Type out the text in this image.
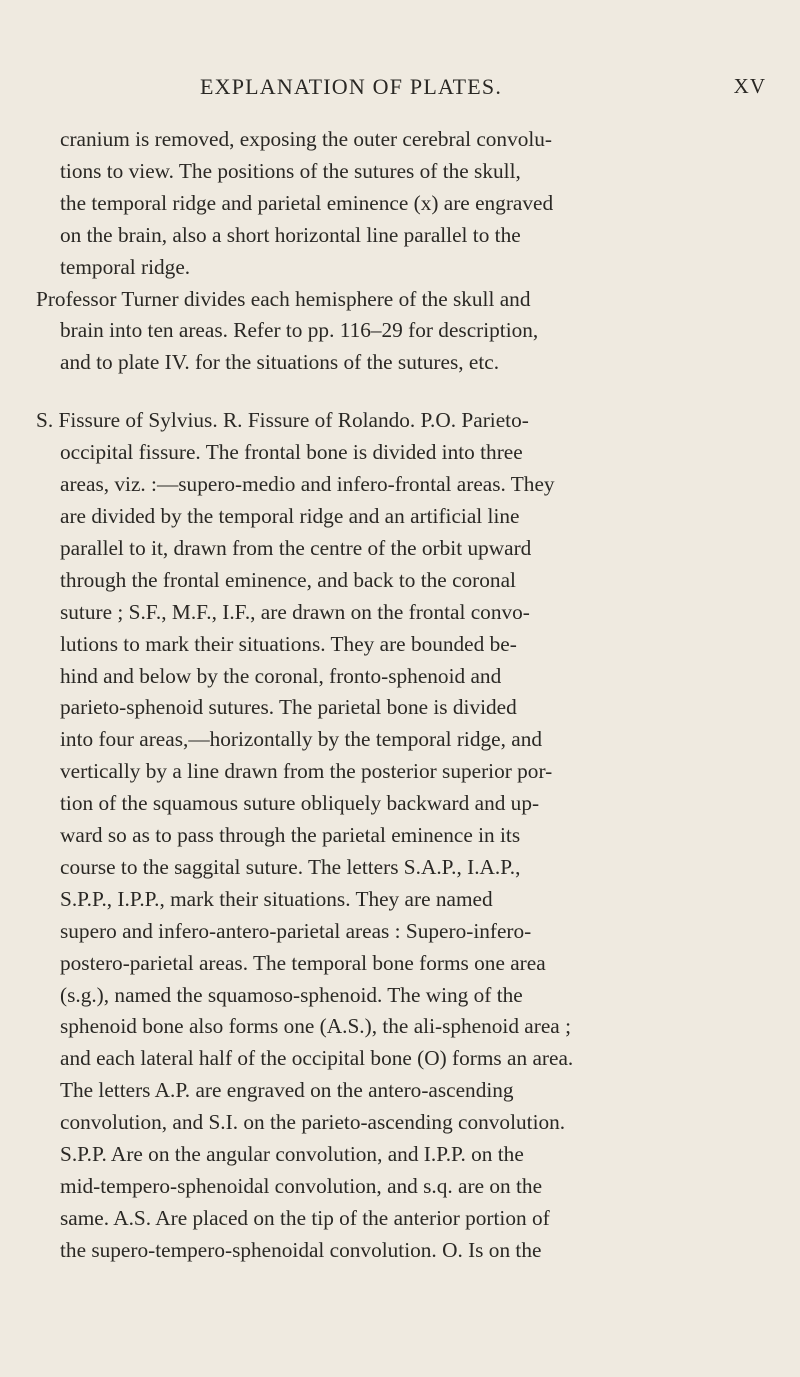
EXPLANATION OF PLATES.	XV
cranium is removed, exposing the outer cerebral convolu-
tions to view. The positions of the sutures of the skull,
the temporal ridge and parietal eminence (x) are engraved
on the brain, also a short horizontal line parallel to the
temporal ridge.
Professor Turner divides each hemisphere of the skull and
brain into ten areas. Refer to pp. 116–29 for description,
and to plate IV. for the situations of the sutures, etc.
S. Fissure of Sylvius. R. Fissure of Rolando. P.O. Parieto-
occipital fissure. The frontal bone is divided into three
areas, viz. :—supero-medio and infero-frontal areas. They
are divided by the temporal ridge and an artificial line
parallel to it, drawn from the centre of the orbit upward
through the frontal eminence, and back to the coronal
suture ; S.F., M.F., I.F., are drawn on the frontal convo-
lutions to mark their situations. They are bounded be-
hind and below by the coronal, fronto-sphenoid and
parieto-sphenoid sutures. The parietal bone is divided
into four areas,—horizontally by the temporal ridge, and
vertically by a line drawn from the posterior superior por-
tion of the squamous suture obliquely backward and up-
ward so as to pass through the parietal eminence in its
course to the saggital suture. The letters S.A.P., I.A.P.,
S.P.P., I.P.P., mark their situations. They are named
supero and infero-antero-parietal areas : Supero-infero-
postero-parietal areas. The temporal bone forms one area
(s.g.), named the squamoso-sphenoid. The wing of the
sphenoid bone also forms one (A.S.), the ali-sphenoid area ;
and each lateral half of the occipital bone (O) forms an area.
The letters A.P. are engraved on the antero-ascending
convolution, and S.I. on the parieto-ascending convolution.
S.P.P. Are on the angular convolution, and I.P.P. on the
mid-tempero-sphenoidal convolution, and s.q. are on the
same. A.S. Are placed on the tip of the anterior portion of
the supero-tempero-sphenoidal convolution. O. Is on the
